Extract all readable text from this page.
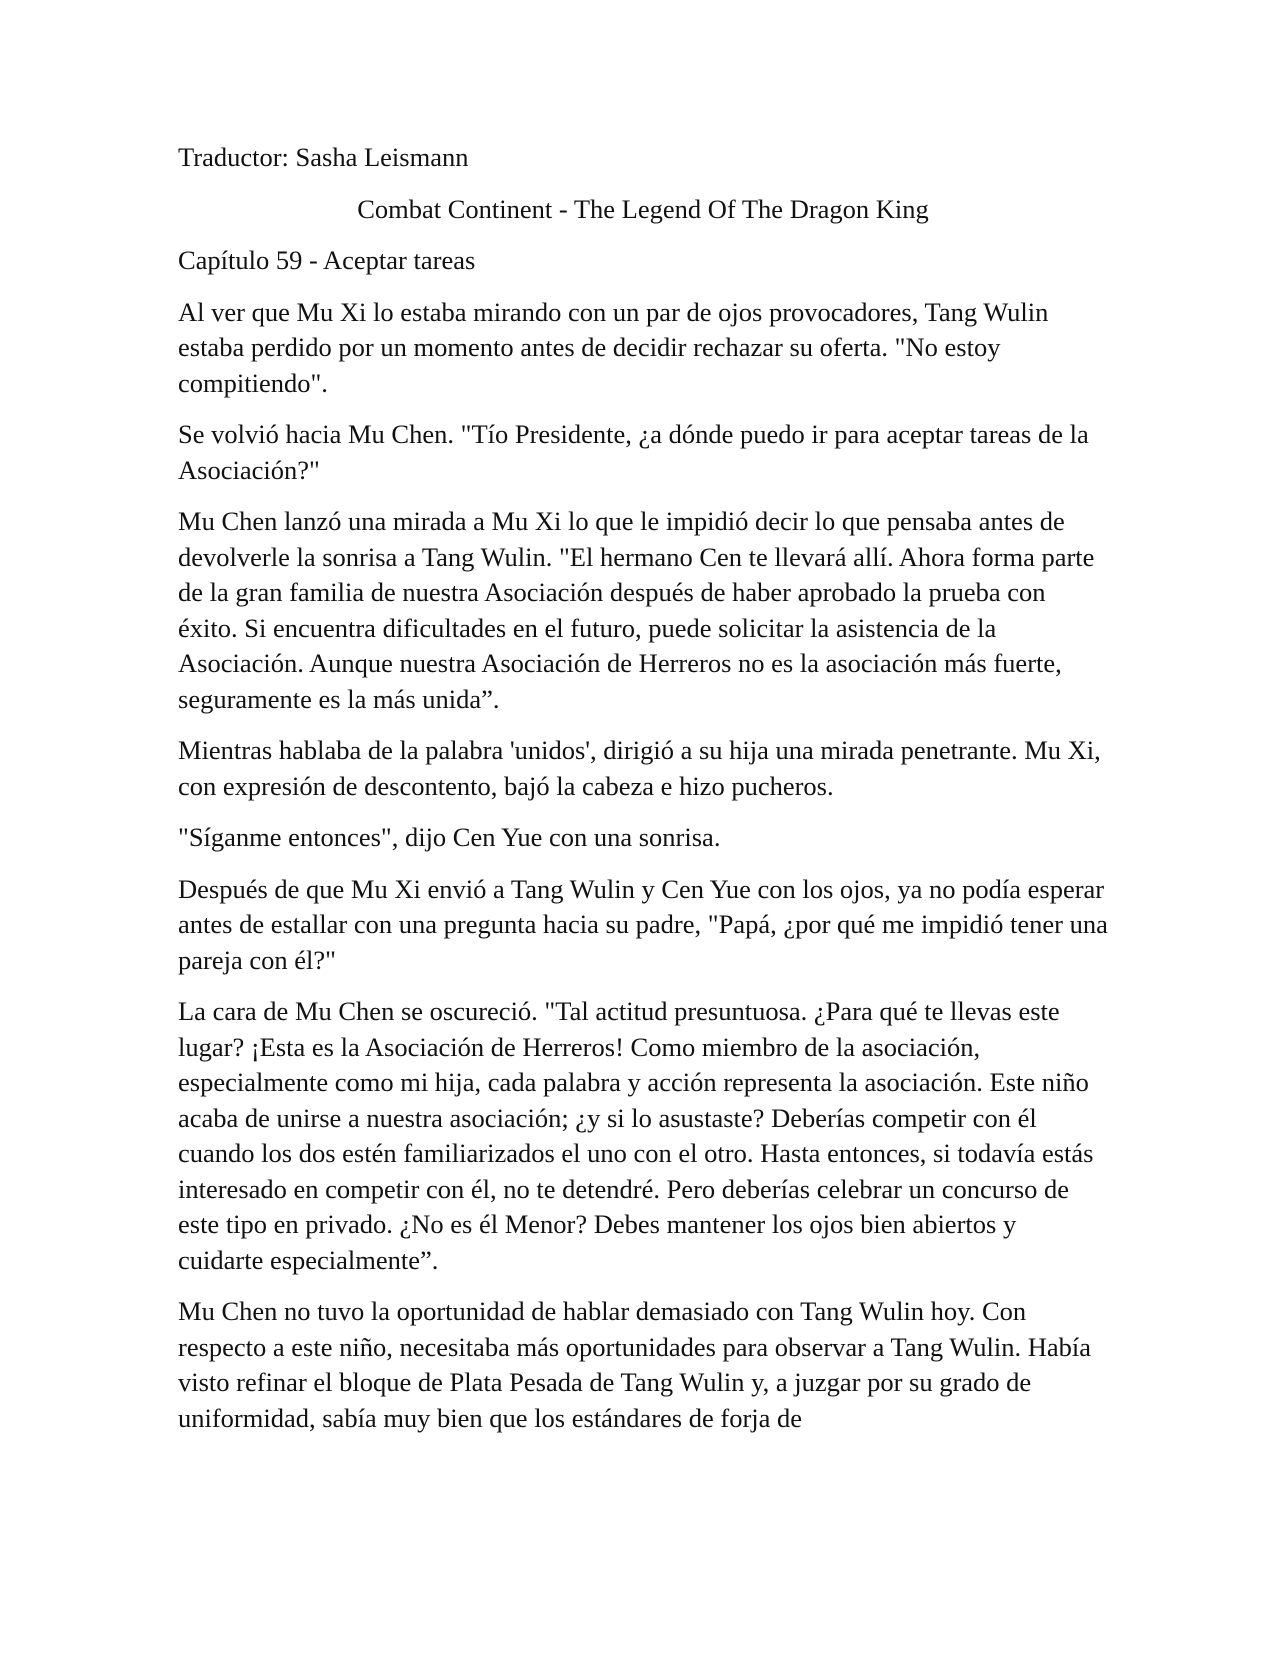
Traductor: Sasha Leismann

Combat Continent - The Legend Of The Dragon King

Capítulo 59 - Aceptar tareas

Al ver que Mu Xi lo estaba mirando con un par de ojos provocadores, Tang Wulin estaba perdido por un momento antes de decidir rechazar su oferta. "No estoy compitiendo".

Se volvió hacia Mu Chen. "Tío Presidente, ¿a dónde puedo ir para aceptar tareas de la Asociación?"

Mu Chen lanzó una mirada a Mu Xi lo que le impidió decir lo que pensaba antes de devolverle la sonrisa a Tang Wulin. "El hermano Cen te llevará allí. Ahora forma parte de la gran familia de nuestra Asociación después de haber aprobado la prueba con éxito. Si encuentra dificultades en el futuro, puede solicitar la asistencia de la Asociación. Aunque nuestra Asociación de Herreros no es la asociación más fuerte, seguramente es la más unida”.

Mientras hablaba de la palabra 'unidos', dirigió a su hija una mirada penetrante. Mu Xi, con expresión de descontento, bajó la cabeza e hizo pucheros.

"Síganme entonces", dijo Cen Yue con una sonrisa.

Después de que Mu Xi envió a Tang Wulin y Cen Yue con los ojos, ya no podía esperar antes de estallar con una pregunta hacia su padre, "Papá, ¿por qué me impidió tener una pareja con él?"

La cara de Mu Chen se oscureció. "Tal actitud presuntuosa. ¿Para qué te llevas este lugar? ¡Esta es la Asociación de Herreros! Como miembro de la asociación, especialmente como mi hija, cada palabra y acción representa la asociación. Este niño acaba de unirse a nuestra asociación; ¿y si lo asustaste? Deberías competir con él cuando los dos estén familiarizados el uno con el otro. Hasta entonces, si todavía estás interesado en competir con él, no te detendré. Pero deberías celebrar un concurso de este tipo en privado. ¿No es él Menor? Debes mantener los ojos bien abiertos y cuidarte especialmente”.

Mu Chen no tuvo la oportunidad de hablar demasiado con Tang Wulin hoy. Con respecto a este niño, necesitaba más oportunidades para observar a Tang Wulin. Había visto refinar el bloque de Plata Pesada de Tang Wulin y, a juzgar por su grado de uniformidad, sabía muy bien que los estándares de forja de
